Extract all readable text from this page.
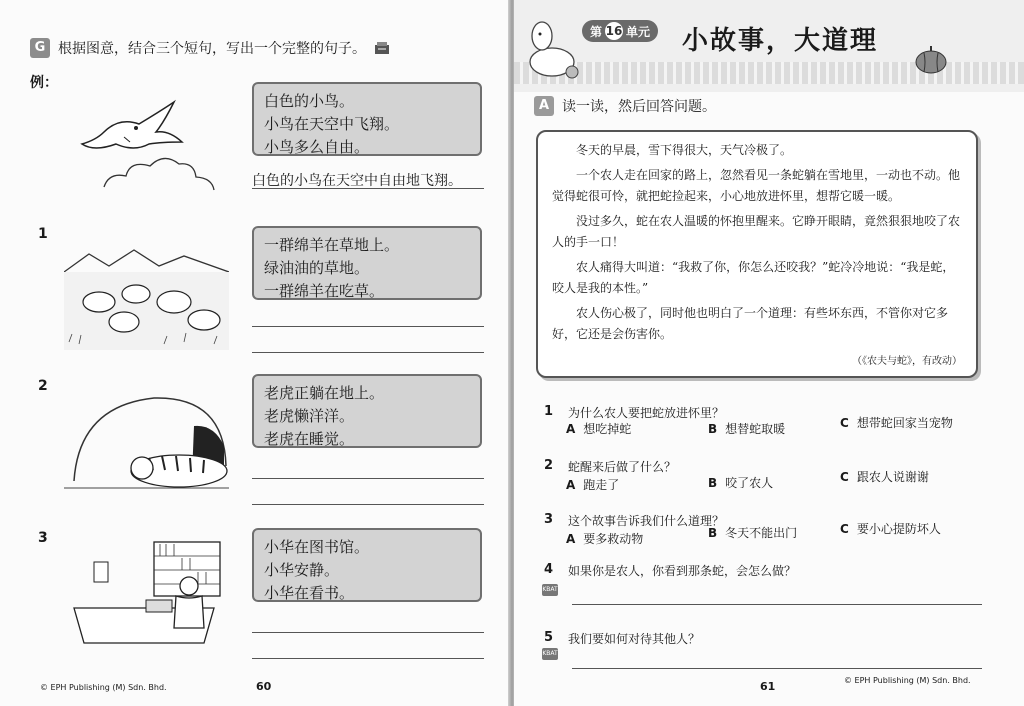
G 根据图意，结合三个短句，写出一个完整的句子。
例：
白色的小鸟。
小鸟在天空中飞翔。
小鸟多么自由。
白色的小鸟在天空中自由地飞翔。
1
一群绵羊在草地上。
绿油油的草地。
一群绵羊在吃草。
2	老虎正躺在地上。
老虎懒洋洋。
老虎在睡觉。
3	小华在图书馆。
小华安静。
小华在看书。
© EPH Publishing (M) Sdn. Bhd.	60
第 16 单元 小故事，大道理
A 读一读，然后回答问题。

冬天的早晨，雪下得很大，天气冷极了。

一个农人走在回家的路上，忽然看见一条蛇躺在雪地里，一动也不动。他觉得蛇很可怜，就把蛇捡起来，小心地放进怀里，想帮它暖一暖。

没过多久，蛇在农人温暖的怀抱里醒来。它睁开眼睛，竟然狠狠地咬了农人的手一口！

农人痛得大叫道：“我救了你，你怎么还咬我？”蛇冷冷地说：“我是蛇，咬人是我的本性。”

农人伤心极了，同时他也明白了一个道理：有些坏东西，不管你对它多好，它还是会伤害你。

（《农夫与蛇》，有改动）

1 为什么农人要把蛇放进怀里？
A 想吃掉蛇	B 想替蛇取暖	C 想带蛇回家当宠物
2 蛇醒来后做了什么？
A 跑走了	B 咬了农人	C 跟农人说谢谢
3 这个故事告诉我们什么道理？
A 要多救动物	B 冬天不能出门	C 要小心提防坏人
4 如果你是农人，你看到那条蛇，会怎么做？
KBAT
5 我们要如何对待其他人？
KBAT
61	© EPH Publishing (M) Sdn. Bhd.
